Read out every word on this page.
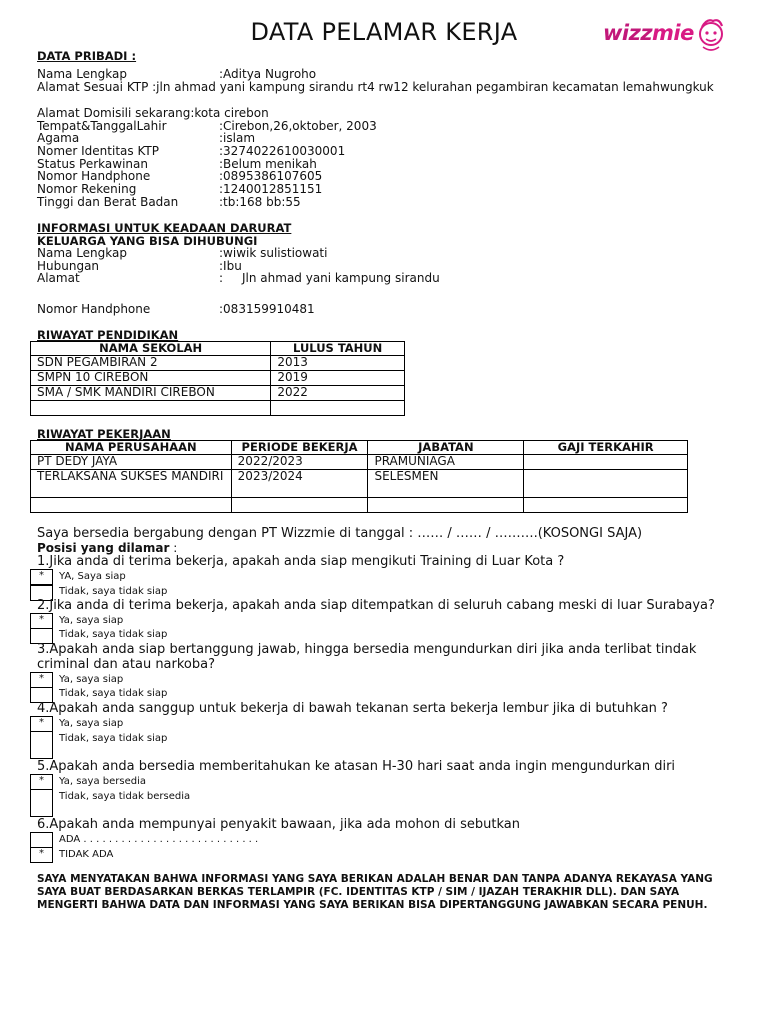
DATA PELAMAR KERJA	wizzmie
DATA PRIBADI :
Nama Lengkap	:Aditya Nugroho
Alamat Sesuai KTP :jln ahmad yani kampung sirandu rt4 rw12 kelurahan pegambiran kecamatan lemahwungkuk
Alamat Domisili sekarang:kota cirebon
Tempat&TanggalLahir	:Cirebon,26,oktober, 2003
Agama	:islam
Nomer Identitas KTP	:3274022610030001
Status Perkawinan	:Belum menikah
Nomor Handphone	:0895386107605
Nomor Rekening	:1240012851151
Tinggi dan Berat Badan	:tb:168 bb:55
INFORMASI UNTUK KEADAAN DARURAT
KELUARGA YANG BISA DIHUBUNGI
Nama Lengkap	:wiwik sulistiowati
Hubungan	:Ibu
Alamat	: Jln ahmad yani kampung sirandu
Nomor Handphone	:083159910481
RIWAYAT PENDIDIKAN
NAMA SEKOLAH	LULUS TAHUN
SDN PEGAMBIRAN 2	2013
SMPN 10 CIREBON	2019
SMA / SMK MANDIRI CIREBON	2022

RIWAYAT PEKERJAAN
NAMA PERUSAHAAN	PERIODE BEKERJA	JABATAN	GAJI TERKAHIR
PT DEDY JAYA	2022/2023	PRAMUNIAGA	
TERLAKSANA SUKSES MANDIRI	2023/2024	SELESMEN	

Saya bersedia bergabung dengan PT Wizzmie di tanggal : …… / …… / ……….(KOSONGI SAJA)
Posisi yang dilamar :
1.Jika anda di terima bekerja, apakah anda siap mengikuti Training di Luar Kota ?
*	YA, Saya siap
Tidak, saya tidak siap
2.Jika anda di terima bekerja, apakah anda siap ditempatkan di seluruh cabang meski di luar Surabaya?
*	Ya, saya siap
Tidak, saya tidak siap
3.Apakah anda siap bertanggung jawab, hingga bersedia mengundurkan diri jika anda terlibat tindak criminal dan atau narkoba?
*	Ya, saya siap
Tidak, saya tidak siap
4.Apakah anda sanggup untuk bekerja di bawah tekanan serta bekerja lembur jika di butuhkan ?
*	Ya, saya siap
Tidak, saya tidak siap
5.Apakah anda bersedia memberitahukan ke atasan H-30 hari saat anda ingin mengundurkan diri
*	Ya, saya bersedia
Tidak, saya tidak bersedia
6.Apakah anda mempunyai penyakit bawaan, jika ada mohon di sebutkan
ADA . . . . . . . . . . . . . . . . . . . . . . . . . . . .
*	TIDAK ADA
SAYA MENYATAKAN BAHWA INFORMASI YANG SAYA BERIKAN ADALAH BENAR DAN TANPA ADANYA REKAYASA YANG SAYA BUAT BERDASARKAN BERKAS TERLAMPIR (FC. IDENTITAS KTP / SIM / IJAZAH TERAKHIR DLL). DAN SAYA MENGERTI BAHWA DATA DAN INFORMASI YANG SAYA BERIKAN BISA DIPERTANGGUNG JAWABKAN SECARA PENUH.
